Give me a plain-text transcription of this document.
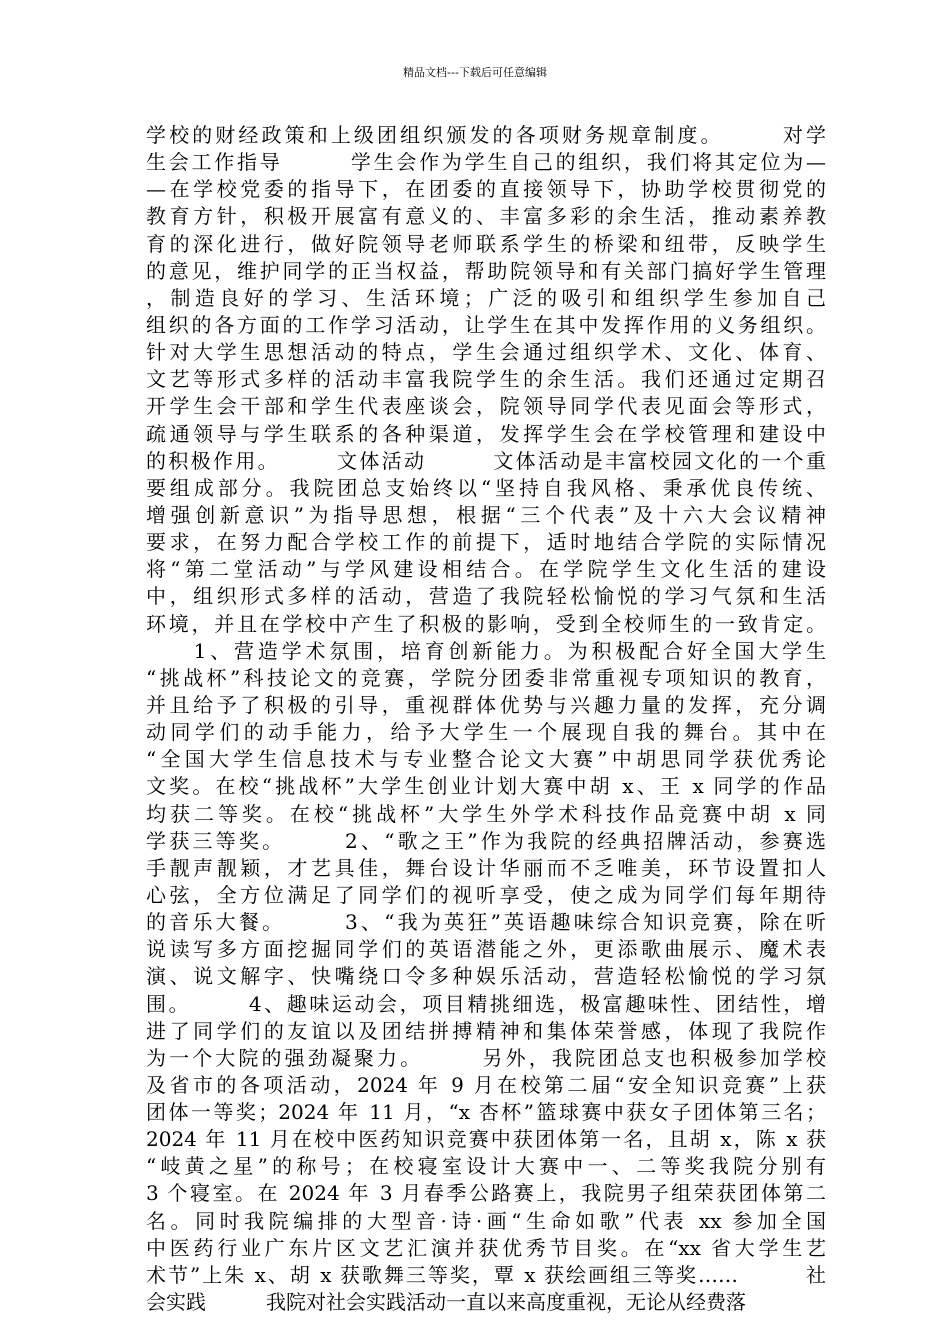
精品文档---下载后可任意编辑
学校的财经政策和上级团组织颁发的各项财务规章制度。　　　对学
生会工作指导　　　学生会作为学生自己的组织，我们将其定位为—
—在学校党委的指导下，在团委的直接领导下，协助学校贯彻党的
教育方针，积极开展富有意义的、丰富多彩的余生活，推动素养教
育的深化进行，做好院领导老师联系学生的桥梁和纽带，反映学生
的意见，维护同学的正当权益，帮助院领导和有关部门搞好学生管理
，制造良好的学习、生活环境；广泛的吸引和组织学生参加自己
组织的各方面的工作学习活动，让学生在其中发挥作用的义务组织。
针对大学生思想活动的特点，学生会通过组织学术、文化、体育、
文艺等形式多样的活动丰富我院学生的余生活。我们还通过定期召
开学生会干部和学生代表座谈会，院领导同学代表见面会等形式，
疏通领导与学生联系的各种渠道，发挥学生会在学校管理和建设中
的积极作用。　　　文体活动　　　文体活动是丰富校园文化的一个重
要组成部分。我院团总支始终以“坚持自我风格、秉承优良传统、
增强创新意识”为指导思想，根据“三个代表”及十六大会议精神
要求，在努力配合学校工作的前提下，适时地结合学院的实际情况
将“第二堂活动”与学风建设相结合。在学院学生文化生活的建设
中，组织形式多样的活动，营造了我院轻松愉悦的学习气氛和生活
环境，并且在学校中产生了积极的影响，受到全校师生的一致肯定。
　　1、营造学术氛围，培育创新能力。为积极配合好全国大学生
“挑战杯”科技论文的竞赛，学院分团委非常重视专项知识的教育，
并且给予了积极的引导，重视群体优势与兴趣力量的发挥，充分调
动同学们的动手能力，给予大学生一个展现自我的舞台。其中在
“全国大学生信息技术与专业整合论文大赛”中胡思同学获优秀论
文奖。在校“挑战杯”大学生创业计划大赛中胡 x、王 x 同学的作品
均获二等奖。在校“挑战杯”大学生外学术科技作品竞赛中胡 x 同
学获三等奖。　　　2、“歌之王”作为我院的经典招牌活动，参赛选
手靓声靓颖，才艺具佳，舞台设计华丽而不乏唯美，环节设置扣人
心弦，全方位满足了同学们的视听享受，使之成为同学们每年期待
的音乐大餐。　　　3、“我为英狂”英语趣味综合知识竞赛，除在听
说读写多方面挖掘同学们的英语潜能之外，更添歌曲展示、魔术表
演、说文解字、快嘴绕口令多种娱乐活动，营造轻松愉悦的学习氛
围。　　　4、趣味运动会，项目精挑细选，极富趣味性、团结性，增
进了同学们的友谊以及团结拼搏精神和集体荣誉感，体现了我院作
为一个大院的强劲凝聚力。　　　另外，我院团总支也积极参加学校
及省市的各项活动，2024 年 9 月在校第二届“安全知识竞赛”上获
团体一等奖；2024 年 11 月，“x 杏杯”篮球赛中获女子团体第三名；
2024 年 11 月在校中医药知识竞赛中获团体第一名，且胡 x，陈 x 获
“岐黄之星”的称号；在校寝室设计大赛中一、二等奖我院分别有
3 个寝室。在 2024 年 3 月春季公路赛上，我院男子组荣获团体第二
名。同时我院编排的大型音·诗·画“生命如歌”代表 xx 参加全国
中医药行业广东片区文艺汇演并获优秀节目奖。在“xx 省大学生艺
术节”上朱 x、胡 x 获歌舞三等奖，覃 x 获绘画组三等奖……　　　社
会实践　　　我院对社会实践活动一直以来高度重视，无论从经费落
